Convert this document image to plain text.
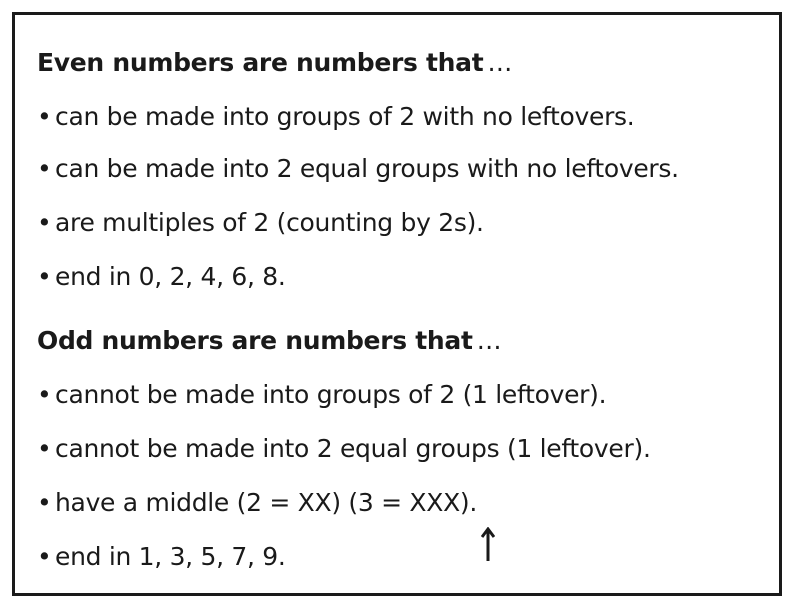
Even numbers are numbers that …
• can be made into groups of 2 with no leftovers.
• can be made into 2 equal groups with no leftovers.
• are multiples of 2 (counting by 2s).
• end in 0, 2, 4, 6, 8.
Odd numbers are numbers that …
• cannot be made into groups of 2 (1 leftover).
• cannot be made into 2 equal groups (1 leftover).
• have a middle (2 = XX) (3 = XXX).
• end in 1, 3, 5, 7, 9.
